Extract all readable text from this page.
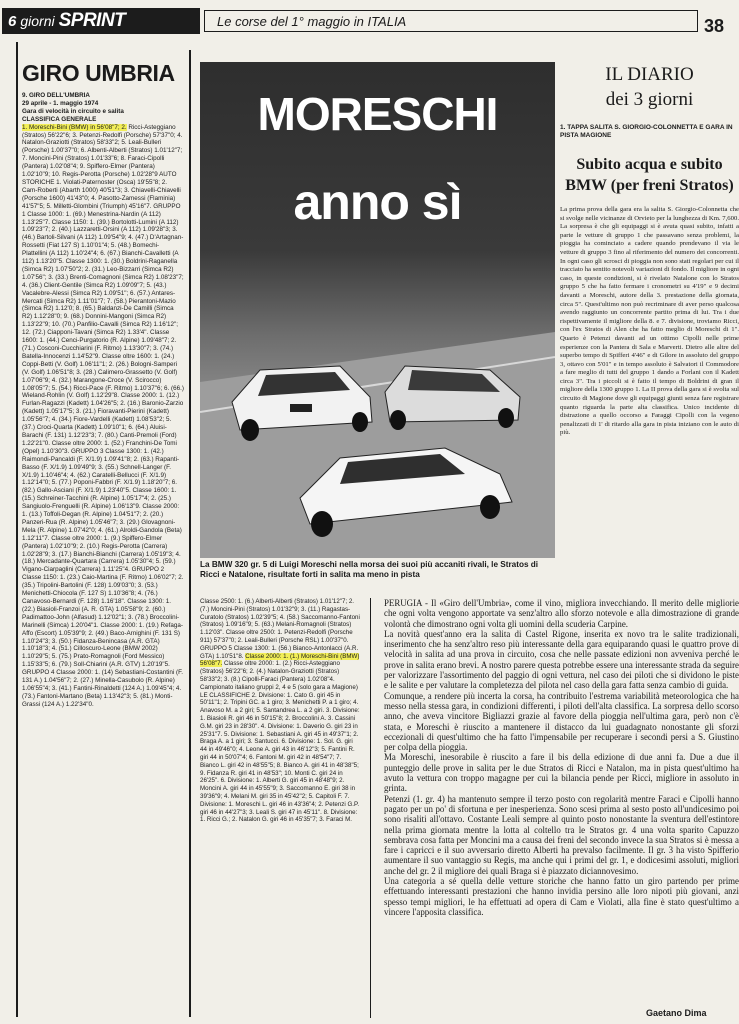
6 giorni SPRINT	Le corse del 1° maggio in ITALIA	38
GIRO UMBRIA
9. GIRO DELL'UMBRIA
29 aprile - 1. maggio 1974
Gara di velocità in circuito e salita
CLASSIFICA GENERALE
1. Moreschi-Bini (BMW) in 56'08"7; 2. Ricci-Asteggiano (Stratos) 56'22"6; 3. Petenzi-Redolfi (Porsche) 57'37"0; 4. Natalon-Graziotti (Stratos) 58'33"2; 5. Leali-Bulleri (Porsche) 1.00'37"0; 6. Albenti-Alberti (Stratos) 1.01'12"7; 7. Moncini-Pini (Stratos) 1.01'33"6; 8. Faraci-Cipolli (Pantera) 1.02'08"4; 9. Spiffero-Elmer (Pantera) 1.02'10"9; 10. Regis-Perotta (Porsche) 1.02'28"9 AUTO STORICHE 1. Violati-Paternoster (Osca) 19'55"8; 2. Cam-Roberti (Abarth 1000) 40'51"3; 3. Chiavelli-Chiavelli (Porsche 1600) 41'43"0; 4. Pasotto-Zamessi (Flaminia) 41'57"5; 5. Milletti-Glombini (Triumph) 45'16"7. GRUPPO 1 Classe 1000: 1. (69.) Menestrina-Nardin (A 112) 1.13'25"7. Classe 1150: 1. (39.) Bortolotti-Lumini (A 112) 1.09'23"7; 2. (40.) Lazzaretti-Orsini (A 112) 1.09'28"3; 3. (46.) Bartoli-Silvani (A 112) 1.09'54"9; 4. (47.) D'Artagnan-Rossetti (Fiat 127 S) 1.10'01"4; 5. (48.) Bomechi-Plattellini (A 112) 1.10'24"4; 6. (67.) Bianchi-Cavalletti (A 112) 1.13'20"5. Classe 1300: 1. (30.) Boldrini-Raganella (Simca R2) 1.07'50"2; 2. (31.) Leo-Bizzarri (Simca R2) 1.07'56"; 3. (33.) Brenti-Comagnoni (Simca R2) 1.08'23"7; 4. (36.) Client-Gentile (Simca R2) 1.09'09"7; 5. (43.) Vacalebre-Alessi (Simca R2) 1.09'51"; 6. (57.) Antares-Mercati (Simca R2) 1.11'01"7; 7. (58.) Pierantoni-Mazio (Simca R2) 1.12'0; 8. (65.) Baldanzi-De Camilli (Simca R2) 1.12'28"0; 9. (68.) Donnini-Mangoni (Simca R2) 1.13'22"9; 10. (70.) Panfilio-Cavalli (Simca R2) 1.16'12"; 12. (72.) Ciapponi-Tavani (Simca R2) 1.33'4". Classe 1600: 1. (44.) Cenci-Purgatorio (R. Alpine) 1.09'48"7; 2. (71.) Cosconi-Cucchiarini (F. Ritmo) 1.13'30"7; 3. (74.) Batella-Innocenzi 1.14'52"9. Classe oltre 1600: 1. (24.) Coppi-Betti (V. Golf) 1.06'11"1; 2. (26.) Bologni-Samperi (V. Golf) 1.06'51"8; 3. (28.) Calimero-Grassetto (V. Golf) 1.07'06"9; 4. (32.) Marangone-Croce (V. Scirocco) 1.08'05"7; 5. (54.) Ricci-Pace (F. Ritmo) 1.10'37"6; 6. (66.) Wieland-Rohlin (V. Golf) 1.12'29"8. Classe 2000: 1. (12.) Furlan-Ragazzi (Kadett) 1.04'26"5; 2. (16.) Baronio-Zarzio (Kadett) 1.05'17"5; 3. (21.) Fioravanti-Pierini (Kadett) 1.05'56"7; 4. (34.) Fiore-Vardelli (Kadett) 1.08'53"2; 5. (37.) Croci-Quarta (Kadett) 1.09'10"1; 6. (64.) Aluisi-Barachi (F. 131) 1.12'23"3; 7. (80.) Canti-Premoli (Ford) 1.22'21"0. Classe oltre 2000: 1. (52.) Franchini-De Tomi (Opel) 1.10'30"3. GRUPPO 3 Classe 1300: 1. (42.) Raimondi-Pancaldi (F. X/1.9) 1.09'41"8; 2. (63.) Rapanti-Basso (F. X/1.9) 1.09'49"9; 3. (55.) Schnell-Langer (F. X/1.9) 1.10'46"4; 4. (62.) Caratelli-Bellucci (F. X/1.9) 1.12'14"0; 5. (77.) Poponi-Fabbri (F. X/1.9) 1.18'20"7; 6. (82.) Gallo-Asciani (F. X/1.9) 1.23'40"5. Classe 1600: 1. (15.) Schreiner-Tacchini (R. Alpine) 1.05'17"4; 2. (25.) Sangiuolo-Frenguelli (R. Alpine) 1.06'13"9. Classe 2000: 1. (13.) Toffoli-Degan (R. Alpine) 1.04'51"7; 2. (20.) Panzeri-Rua (R. Alpine) 1.05'46"7; 3. (29.) Glovagnoni-Mela (R. Alpine) 1.07'42"0; 4. (61.) Alroldi-Gandola (Beta) 1.12'11"7. Classe oltre 2000: 1. (9.) Spiffero-Elmer (Pantera) 1.02'10"9; 2. (10.) Regis-Perotta (Carrera) 1.02'28"9; 3. (17.) Bianchi-Bianchi (Carrera) 1.05'19"3; 4. (18.) Mercadante-Quartara (Carrera) 1.05'30"4; 5. (59.) Vigano-Ciarpaglini (Carrera) 1.11'25"4. GRUPPO 2 Classe 1150: 1. (23.) Caio-Martina (F. Ritmo) 1.06'02"7; 2. (35.) Tripolini-Bartolini (F. 128) 1.09'03"0; 3. (53.) Menichetti-Chiocola (F. 127 S) 1.10'36"8; 4. (76.) Canavoso-Bernardi (F. 128) 1.16'18". Classe 1300: 1. (22.) Biasioli-Franzoi (A. R. GTA) 1.05'58"9; 2. (60.) Padimattoo-John (Alfasud) 1.12'02"1; 3. (78.) Broccolini-Marinelli (Simca) 1.20'04"1. Classe 2000: 1. (19.) Refaga-Affo (Escort) 1.05'39"9; 2. (49.) Baco-Arnighini (F. 131 S) 1.10'24"3; 3. (50.) Fidanza-Benincasa (A.R. GTA) 1.10'18"3; 4. (51.) Cilloscuro-Leone (BMW 2002) 1.10'29"5; 5. (75.) Prato-Romagnoli (Ford Messico) 1.15'33"5; 6. (79.) Soll-Chiarini (A.R. GTV) 1.20'19"5. GRUPPO 4 Classe 2000: 1. (14) Sebastiani-Costantini (F. 131 A.) 1.04'56"7; 2. (27.) Minella-Casubolo (R. Alpine) 1.06'55"4; 3. (41.) Fantini-Rinaldetti (124 A.) 1.09'45"4; 4. (73.) Fantoni-Martano (Beta) 1.13'42"3; 5. (81.) Monti-Grassi (124 A.) 1.22'34"0.
MORESCHI
anno sì
La BMW 320 gr. 5 di Luigi Moreschi nella morsa dei suoi più accaniti rivali, le Stratos di Ricci e Natalone, risultate forti in salita ma meno in pista
IL DIARIO
dei 3 giorni
1. TAPPA SALITA S. GIORGIO-COLONNETTA E GARA IN PISTA MAGIONE
Subito acqua e subito BMW (per freni Stratos)
La prima prova della gara era la salita S. Giorgio-Colonnetta che si svolge nelle vicinanze di Orvieto per la lunghezza di Km. 7,600. La sorpresa è che gli equipaggi si è avuta quasi subito, infatti a parte le vetture di gruppo 1 che passavano senza problemi, la pioggia ha cominciato a cadere quando prendevano il via le vetture di gruppo 3 fino al riferimento del numero dei concorrenti. In ogni caso gli scrosci di pioggia non sono stati regolari per cui il tracciato ha sentito notevoli variazioni di fondo. Il migliore in ogni caso, in queste condizioni, si è rivelato Natalone con lo Stratos gruppo 5 che ha fatto fermare i cronometri su 4'19" e 9 decimi davanti a Moreschi, autore della 3. prestazione della giornata, circa 5". Quest'ultimo non può recriminare di aver perso qualcosa avendo raggiunto un concorrente partito prima di lui. Tra i due rispettivamente il migliore della 8. e 7. divisione, troviamo Ricci, con l'ex Stratos di Alen che ha fatto meglio di Moreschi di 1". Quarto è Petenzi davanti ad un ottimo Cipolli nelle prime esperienze con la Pantera di Sala e Marverti. Dietro alle altre del superbo tempo di Spifferi 4'46" e di Gilore in assoluto del gruppo 3, ottavo con 5'01" e in tempo assoluto è Salvatori il Commodore a fare meglio di tutti del gruppo 1 dando a Forlani con il Kadett circa 3". Tra i piccoli si è fatto il tempo di Boldrini di gran il migliore della 1300 gruppo 1. La II prova della gara si è svolta sul circuito di Magione dove gli equipaggi giunti senza fare registrare quanto riguarda la parte alta classifica. Unico incidente di distrazione a quello occorso a Faraggi Cipolli con la vegeno penalizzati di 1' di ritardo alla gara in pista iniziano con le auto di più.
Classe 2500: 1. (6.) Alberti-Alberti (Stratos) 1.01'12"7; 2. (7.) Moncini-Pini (Stratos) 1.01'32"9; 3. (11.) Ragastas-Curatolo (Stratos) 1.02'39"5; 4. (58.) Saccomanno-Fantoni (Stratos) 1.09'16"9; 5. (63.) Melani-Romagnoli (Stratos) 1.12'03". Classe oltre 2500: 1. Petenzi-Redolfi (Porsche 911) 57'37"0; 2. Leali-Bulleri (Porsche RSL) 1.00'37"0. GRUPPO 5 Classe 1300: 1. (56.) Bianco-Antonlacci (A.R. GTA) 1.10'51"8. Classe 2000: 1. (1.) Moreschi-Bini (BMW) 56'08"7. Classe oltre 2000: 1. (2.) Ricci-Asteggiano (Stratos) 56'22"6; 2. (4.) Natalon-Graziotti (Stratos) 58'33"2; 3. (8.) Cipolli-Faraci (Pantera) 1.02'08"4. Campionato italiano gruppi 2, 4 e 5 (solo gara a Magione) LE CLASSIFICHE 2. Divisione: 1. Cato G. giri 45 in 50'11"1; 2. Tripini GC. a 1 giro; 3. Menichetti P. a 1 giro; 4. Anavoso M. a 2 giri; 5. Santandrea L. a 2 giri. 3. Divisione: 1. Biasioli R. giri 46 in 50'15"8; 2. Broccolini A. 3. Cassini G.M. giri 23 in 28'30". 4. Divisione: 1. Daverio G. giri 23 in 25'31"7. 5. Divisione: 1. Sebastiani A. giri 45 in 49'37"1; 2. Braga A. a 1 giri; 3. Santucci. 6. Divisione: 1. Sol. G. giri 44 in 49'46"0; 4. Leone A. giri 43 in 46'12"3; 5. Fantini R. giri 44 in 50'07"4; 6. Fantoni M. giri 42 in 48'54"7; 7. Bianco L. giri 42 in 48'55"5; 8. Bianco A. giri 41 in 48'38"5; 9. Fidanza R. giri 41 in 48'53"; 10. Monti C. giri 24 in 26'25". 6. Divisione: 1. Alberti G. giri 45 in 48'48"9; 2. Moncini A. giri 44 in 45'55"9; 3. Saccomanno E. giri 38 in 39'36"9; 4. Melani M. giri 35 in 45'42"2; 5. Capitoli F. 7. Divisione: 1. Moreschi L. giri 46 in 43'36"4; 2. Petenzi G.P. giri 46 in 44'27"3; 3. Leali S. giri 47 in 45'11". 8. Divisione: 1. Ricci G.; 2. Natalon G. giri 46 in 45'35"7; 3. Faraci M.
PERUGIA - Il «Giro dell'Umbria», come il vino, migliora invecchiando. Il merito delle migliorie che ogni volta vengono apportate va senz'altro allo sforzo notevole e alla dimostrazione di grande volontà che dimostrano ogni volta gli uomini della scuderia Carpine.
La novità quest'anno era la salita di Castel Rigone, inserita ex novo tra le salite tradizionali, inserimento che ha senz'altro reso più interessante della gara equiparando quasi le quattro prove di velocità in salita ad una prova in circuito, cosa che nelle passate edizioni non avveniva perché le prove in salita erano brevi. A nostro parere questa potrebbe essere una interessante strada da seguire per valorizzare l'assortimento del paggio di ogni vettura, nel caso dei piloti che si dividono le piste e le salite e per valutare la completezza del pilota nel caso della gara fatta senza cambio di guida.
Comunque, a rendere più incerta la corsa, ha contribuito l'estrema variabilità meteorologica che ha messo nella stessa gara, in condizioni differenti, i piloti dell'alta classifica. La sorpresa dello scorso anno, che aveva vincitore Bigliazzi grazie al favore della pioggia nell'ultima gara, però non c'è stata, e Moreschi è riuscito a mantenere il distacco da lui guadagnato nonostante gli sforzi eccezionali di quest'ultimo che ha fatto l'impensabile per recuperare i secondi persi a S. Giustino per colpa della pioggia.
Ma Moreschi, inesorabile è riuscito a fare il bis della edizione di due anni fa. Due a due il punteggio delle prove in salita per le due Stratos di Ricci e Natalon, ma in pista quest'ultimo ha avuto la vettura con troppo magagne per cui la bilancia pende per Ricci, migliore in assoluto in grinta.
Petenzi (1. gr. 4) ha mantenuto sempre il terzo posto con regolarità mentre Faraci e Cipolli hanno pagato per un po' di sfortuna e per inesperienza. Sono scesi prima al sesto posto all'undicesimo poi sono risaliti all'ottavo. Costante Leali sempre al quinto posto nonostante la sventura dell'estintore nella prima giornata mentre la lotta al coltello tra le Stratos gr. 4 una volta sparito Capuzzo sembrava cosa fatta per Moncini ma a causa dei freni del secondo invece la sua Stratos si è messa a fare i capricci e il suo avversario diretto Alberti ha prevalso facilmente. Il gr. 3 ha visto Spifferio aumentare il suo vantaggio su Regis, ma anche qui i primi del gr. 1, e dodicesimi assoluti, migliori anche del gr. 2 il migliore dei quali Braga si è piazzato diciannovesimo.
Una categoria a sé quella delle vetture storiche che hanno fatto un giro partendo per prime effettuando interessanti prestazioni che hanno invidia persino alle loro nipoti più giovani, anzi spesso tempi migliori, le ha effettuati ad opera di Cam e Violati, alla fine è stato quest'ultimo a vincere l'apposita classifica.
Gaetano Dima
